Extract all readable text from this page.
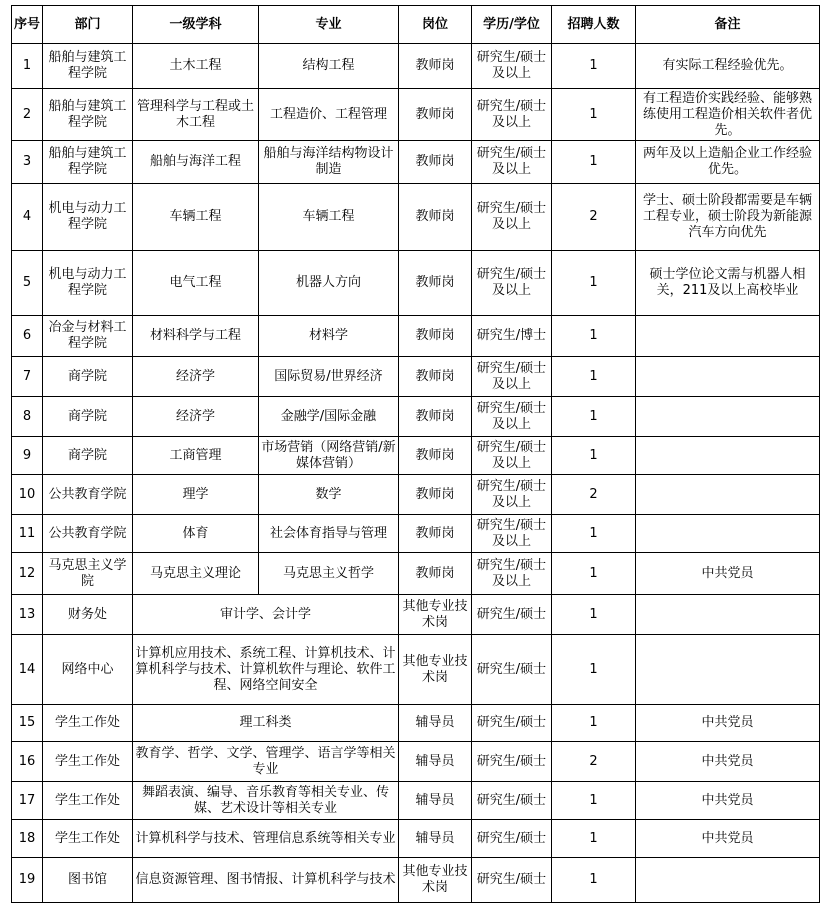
序号	部门	一级学科	专业	岗位	学历/学位	招聘人数	备注
1	船舶与建筑工程学院	土木工程	结构工程	教师岗	研究生/硕士及以上	1	有实际工程经验优先。
2	船舶与建筑工程学院	管理科学与工程或土木工程	工程造价、工程管理	教师岗	研究生/硕士及以上	1	有工程造价实践经验、能够熟练使用工程造价相关软件者优先。
3	船舶与建筑工程学院	船舶与海洋工程	船舶与海洋结构物设计制造	教师岗	研究生/硕士及以上	1	两年及以上造船企业工作经验优先。
4	机电与动力工程学院	车辆工程	车辆工程	教师岗	研究生/硕士及以上	2	学士、硕士阶段都需要是车辆工程专业，硕士阶段为新能源汽车方向优先
5	机电与动力工程学院	电气工程	机器人方向	教师岗	研究生/硕士及以上	1	硕士学位论文需与机器人相关，211及以上高校毕业
6	冶金与材料工程学院	材料科学与工程	材料学	教师岗	研究生/博士	1	
7	商学院	经济学	国际贸易/世界经济	教师岗	研究生/硕士及以上	1	
8	商学院	经济学	金融学/国际金融	教师岗	研究生/硕士及以上	1	
9	商学院	工商管理	市场营销（网络营销/新媒体营销）	教师岗	研究生/硕士及以上	1	
10	公共教育学院	理学	数学	教师岗	研究生/硕士及以上	2	
11	公共教育学院	体育	社会体育指导与管理	教师岗	研究生/硕士及以上	1	
12	马克思主义学院	马克思主义理论	马克思主义哲学	教师岗	研究生/硕士及以上	1	中共党员
13	财务处	审计学、会计学		其他专业技术岗	研究生/硕士	1	
14	网络中心	计算机应用技术、系统工程、计算机技术、计算机科学与技术、计算机软件与理论、软件工程、网络空间安全		其他专业技术岗	研究生/硕士	1	
15	学生工作处	理工科类		辅导员	研究生/硕士	1	中共党员
16	学生工作处	教育学、哲学、文学、管理学、语言学等相关专业		辅导员	研究生/硕士	2	中共党员
17	学生工作处	舞蹈表演、编导、音乐教育等相关专业、传媒、艺术设计等相关专业		辅导员	研究生/硕士	1	中共党员
18	学生工作处	计算机科学与技术、管理信息系统等相关专业		辅导员	研究生/硕士	1	中共党员
19	图书馆	信息资源管理、图书情报、计算机科学与技术		其他专业技术岗	研究生/硕士	1	
